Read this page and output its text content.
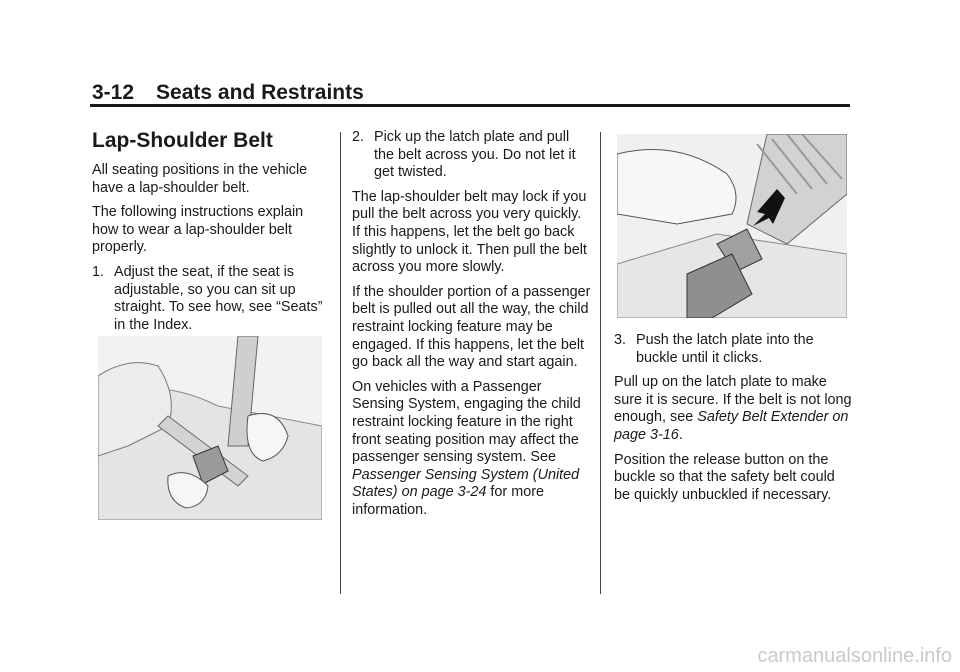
3-12 Seats and Restraints
Lap-Shoulder Belt

All seating positions in the vehicle have a lap-shoulder belt.

The following instructions explain how to wear a lap-shoulder belt properly.

1. Adjust the seat, if the seat is adjustable, so you can sit up straight. To see how, see “Seats” in the Index.
2. Pick up the latch plate and pull the belt across you. Do not let it get twisted.

The lap-shoulder belt may lock if you pull the belt across you very quickly. If this happens, let the belt go back slightly to unlock it. Then pull the belt across you more slowly.

If the shoulder portion of a passenger belt is pulled out all the way, the child restraint locking feature may be engaged. If this happens, let the belt go back all the way and start again.

On vehicles with a Passenger Sensing System, engaging the child restraint locking feature in the right front seating position may affect the passenger sensing system. See Passenger Sensing System (United States) on page 3-24 for more information.

3. Push the latch plate into the buckle until it clicks.

Pull up on the latch plate to make sure it is secure. If the belt is not long enough, see Safety Belt Extender on page 3-16.

Position the release button on the buckle so that the safety belt could be quickly unbuckled if necessary.

carmanualsonline.info
